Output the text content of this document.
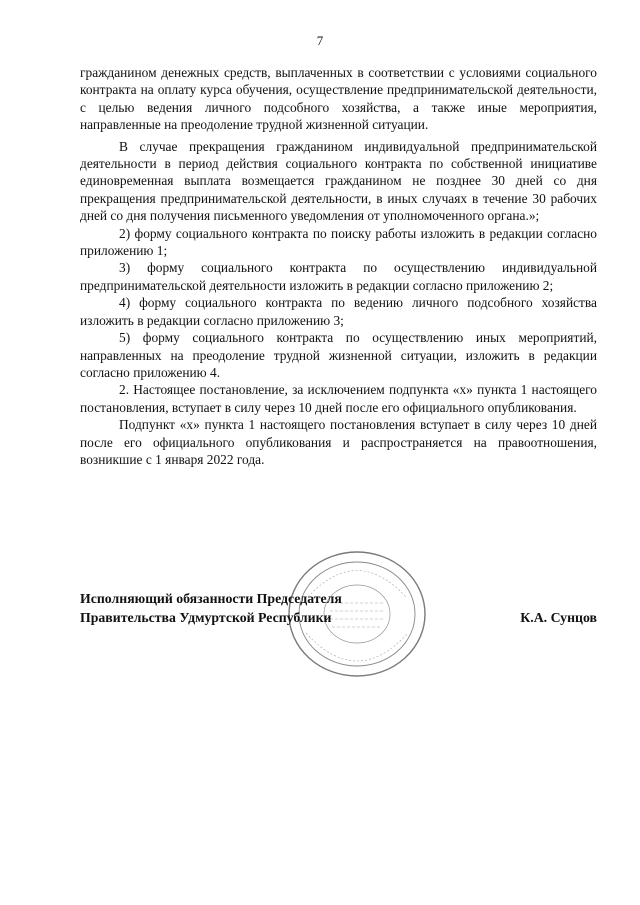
7

гражданином денежных средств, выплаченных в соответствии с условиями социального контракта на оплату курса обучения, осуществление предпринимательской деятельности, с целью ведения личного подсобного хозяйства, а также иные мероприятия, направленные на преодоление трудной жизненной ситуации.

В случае прекращения гражданином индивидуальной предпринимательской деятельности в период действия социального контракта по собственной инициативе единовременная выплата возмещается гражданином не позднее 30 дней со дня прекращения предпринимательской деятельности, в иных случаях в течение 30 рабочих дней со дня получения письменного уведомления от уполномоченного органа.»;

2) форму социального контракта по поиску работы изложить в редакции согласно приложению 1;

3) форму социального контракта по осуществлению индивидуальной предпринимательской деятельности изложить в редакции согласно приложению 2;

4) форму социального контракта по ведению личного подсобного хозяйства изложить в редакции согласно приложению 3;

5) форму социального контракта по осуществлению иных мероприятий, направленных на преодоление трудной жизненной ситуации, изложить в редакции согласно приложению 4.

2. Настоящее постановление, за исключением подпункта «х» пункта 1 настоящего постановления, вступает в силу через 10 дней после его официального опубликования.

Подпункт «х» пункта 1 настоящего постановления вступает в силу через 10 дней после его официального опубликования и распространяется на правоотношения, возникшие с 1 января 2022 года.

Исполняющий обязанности Председателя
Правительства Удмуртской Республики	К.А. Сунцов
